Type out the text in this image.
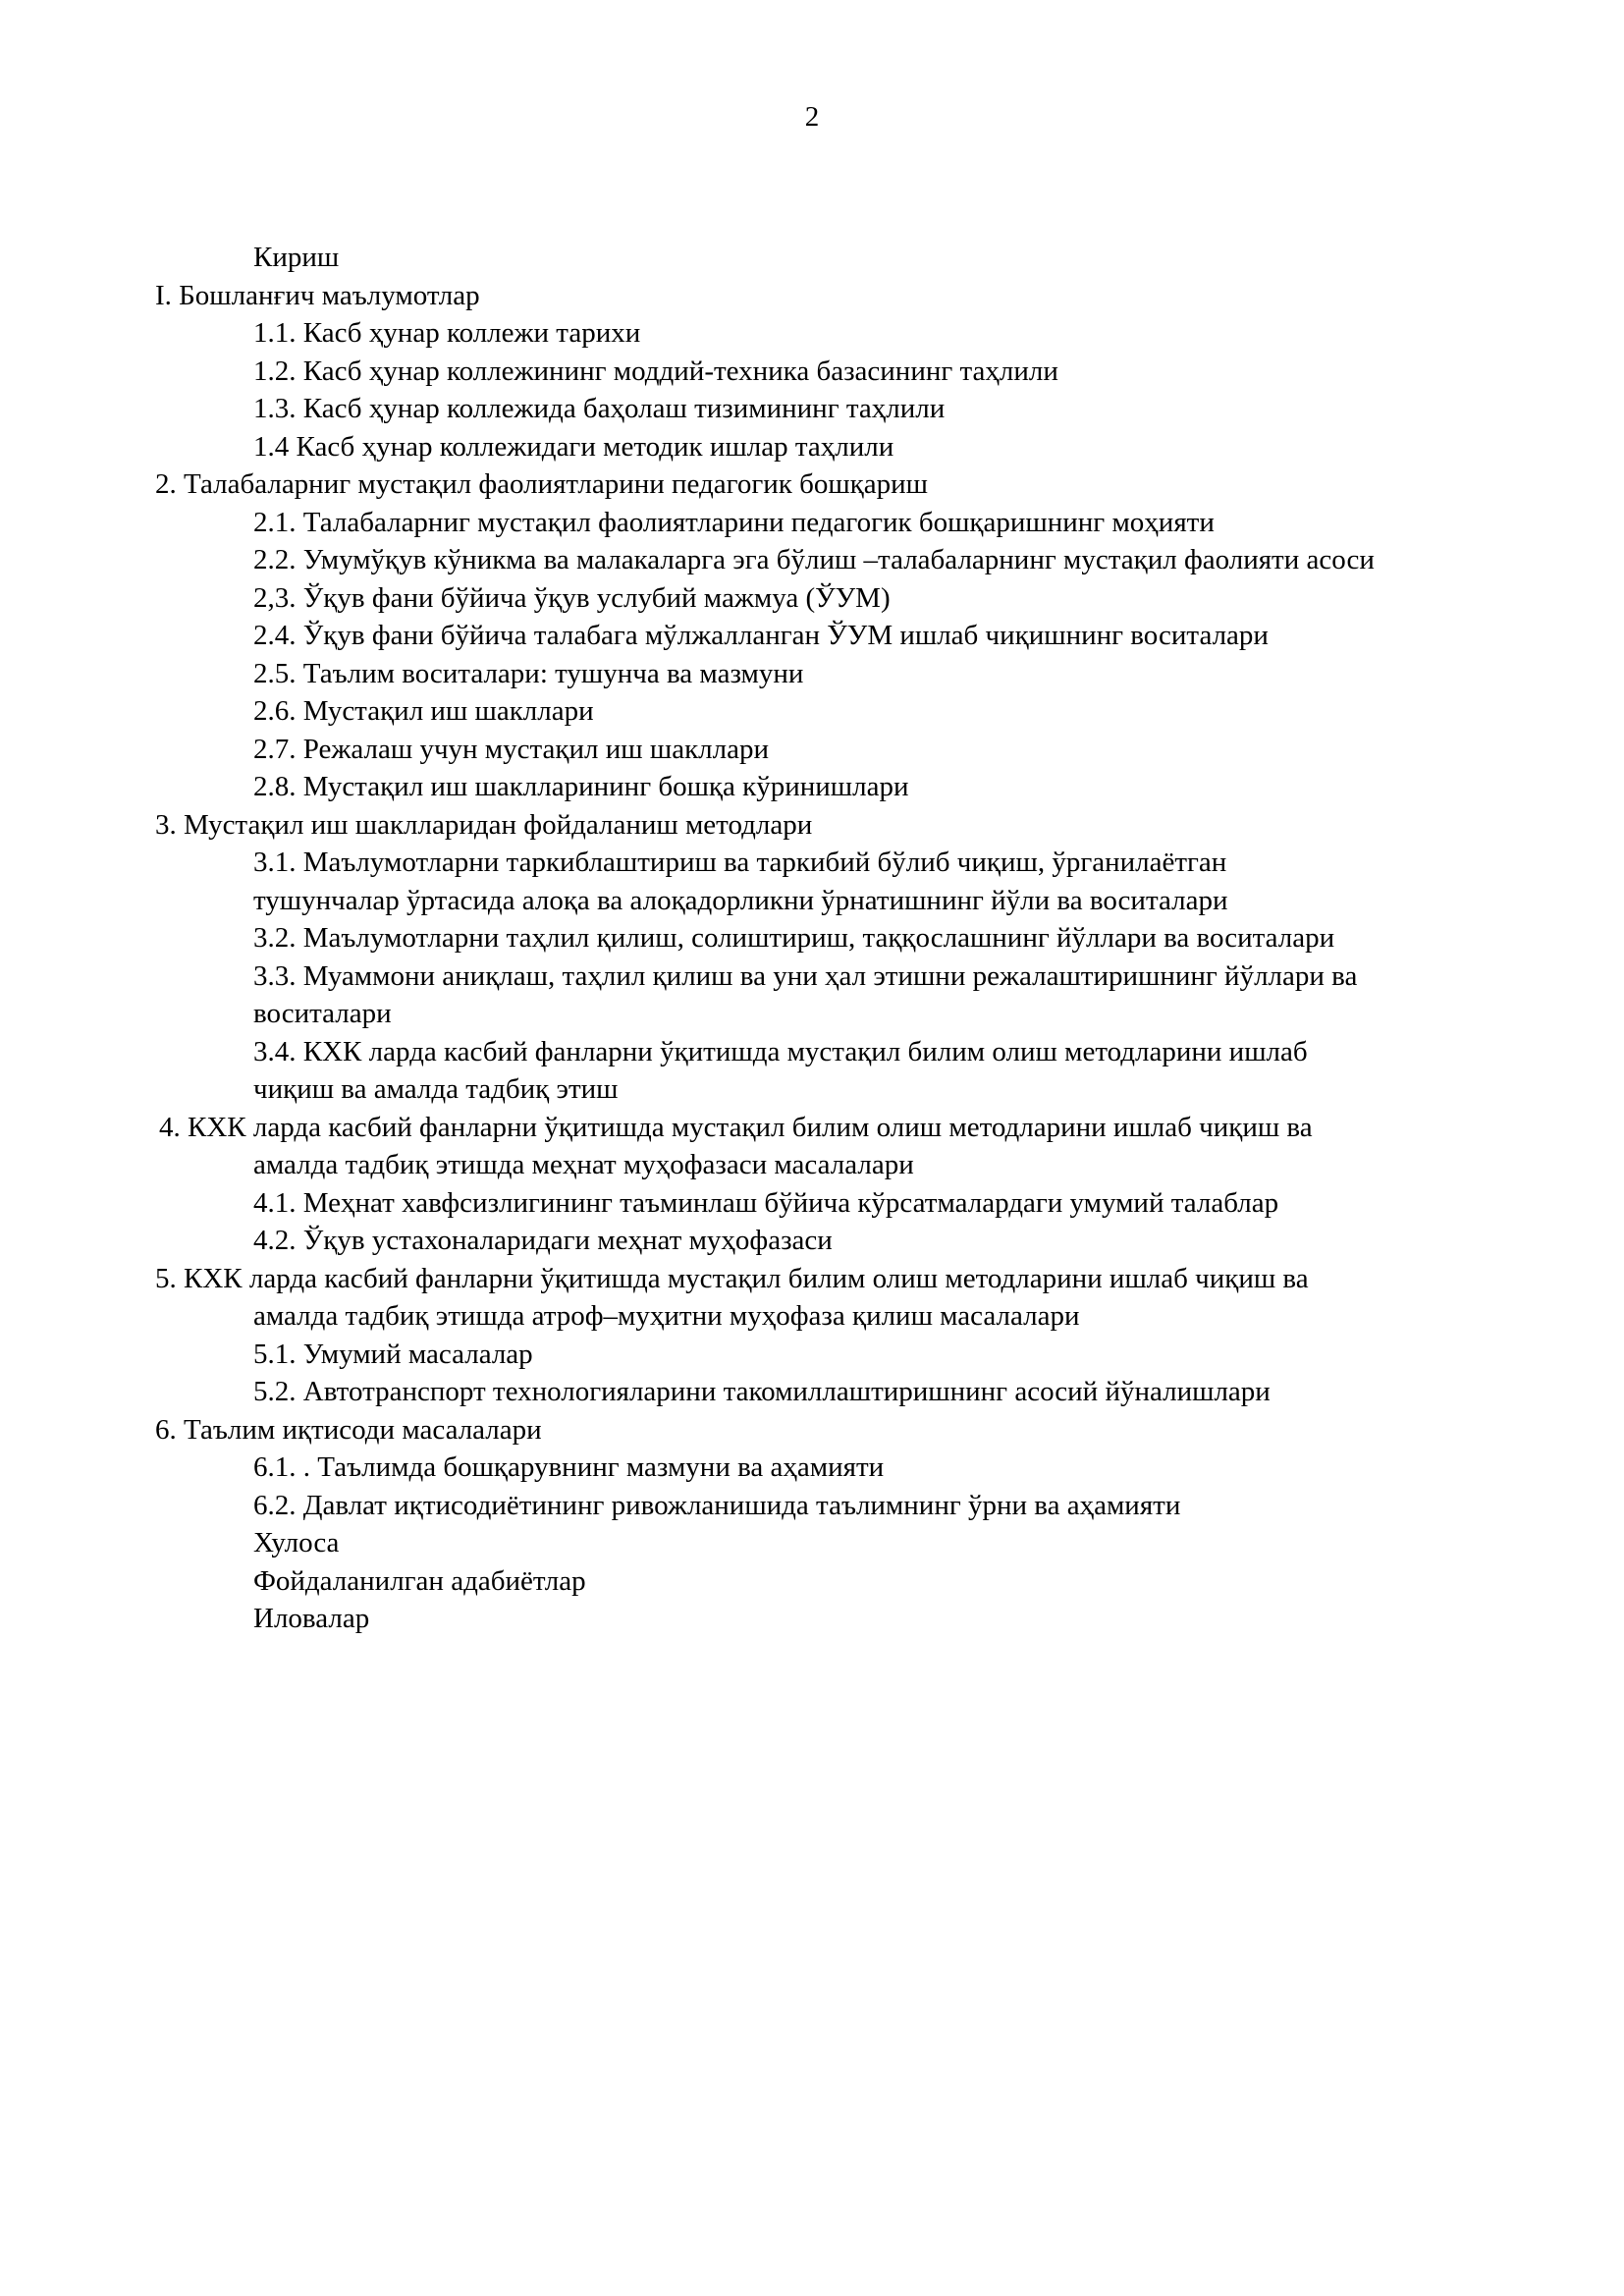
2
Кириш
I. Бошланғич маълумотлар
1.1. Касб ҳунар коллежи тарихи
1.2. Касб ҳунар коллежининг моддий-техника базасининг таҳлили
1.3. Касб ҳунар коллежида баҳолаш тизимининг таҳлили
1.4 Касб ҳунар коллежидаги методик ишлар таҳлили
2. Талабаларниг мустақил фаолиятларини педагогик бошқариш
2.1. Талабаларниг мустақил фаолиятларини педагогик бошқаришнинг моҳияти
2.2. Умумўқув кўникма ва малакаларга эга бўлиш –талабаларнинг мустақил фаолияти асоси
2,3. Ўқув фани бўйича ўқув услубий мажмуа (ЎУМ)
2.4. Ўқув фани бўйича талабага мўлжалланган ЎУМ ишлаб чиқишнинг воситалари
2.5. Таълим воситалари: тушунча ва мазмуни
2.6. Мустақил иш шакллари
2.7. Режалаш учун мустақил иш шакллари
2.8. Мустақил иш шаклларининг бошқа кўринишлари
3. Мустақил иш шаклларидан фойдаланиш методлари
3.1. Маълумотларни таркиблаштириш ва таркибий бўлиб чиқиш, ўрганилаётган
тушунчалар ўртасида алоқа ва алоқадорликни ўрнатишнинг йўли ва воситалари
3.2. Маълумотларни таҳлил қилиш, солиштириш, таққослашнинг йўллари ва воситалари
3.3. Муаммони аниқлаш, таҳлил қилиш ва уни ҳал этишни режалаштиришнинг йўллари ва
воситалари
3.4. КХК ларда касбий фанларни ўқитишда мустақил билим олиш методларини ишлаб
чиқиш ва амалда тадбиқ этиш
4. КХК ларда касбий фанларни ўқитишда мустақил билим олиш методларини ишлаб чиқиш ва
амалда тадбиқ этишда меҳнат муҳофазаси масалалари
4.1. Меҳнат хавфсизлигининг таъминлаш бўйича кўрсатмалардаги умумий талаблар
4.2. Ўқув устахоналаридаги меҳнат муҳофазаси
5. КХК ларда касбий фанларни ўқитишда мустақил билим олиш методларини ишлаб чиқиш ва
амалда тадбиқ этишда атроф–муҳитни муҳофаза қилиш масалалари
5.1. Умумий масалалар
5.2. Автотранспорт технологияларини такомиллаштиришнинг асосий йўналишлари
6. Таълим иқтисоди масалалари
6.1. . Таълимда бошқарувнинг мазмуни ва аҳамияти
6.2. Давлат иқтисодиётининг ривожланишида таълимнинг ўрни ва аҳамияти
Хулоса
Фойдаланилган адабиётлар
Иловалар
